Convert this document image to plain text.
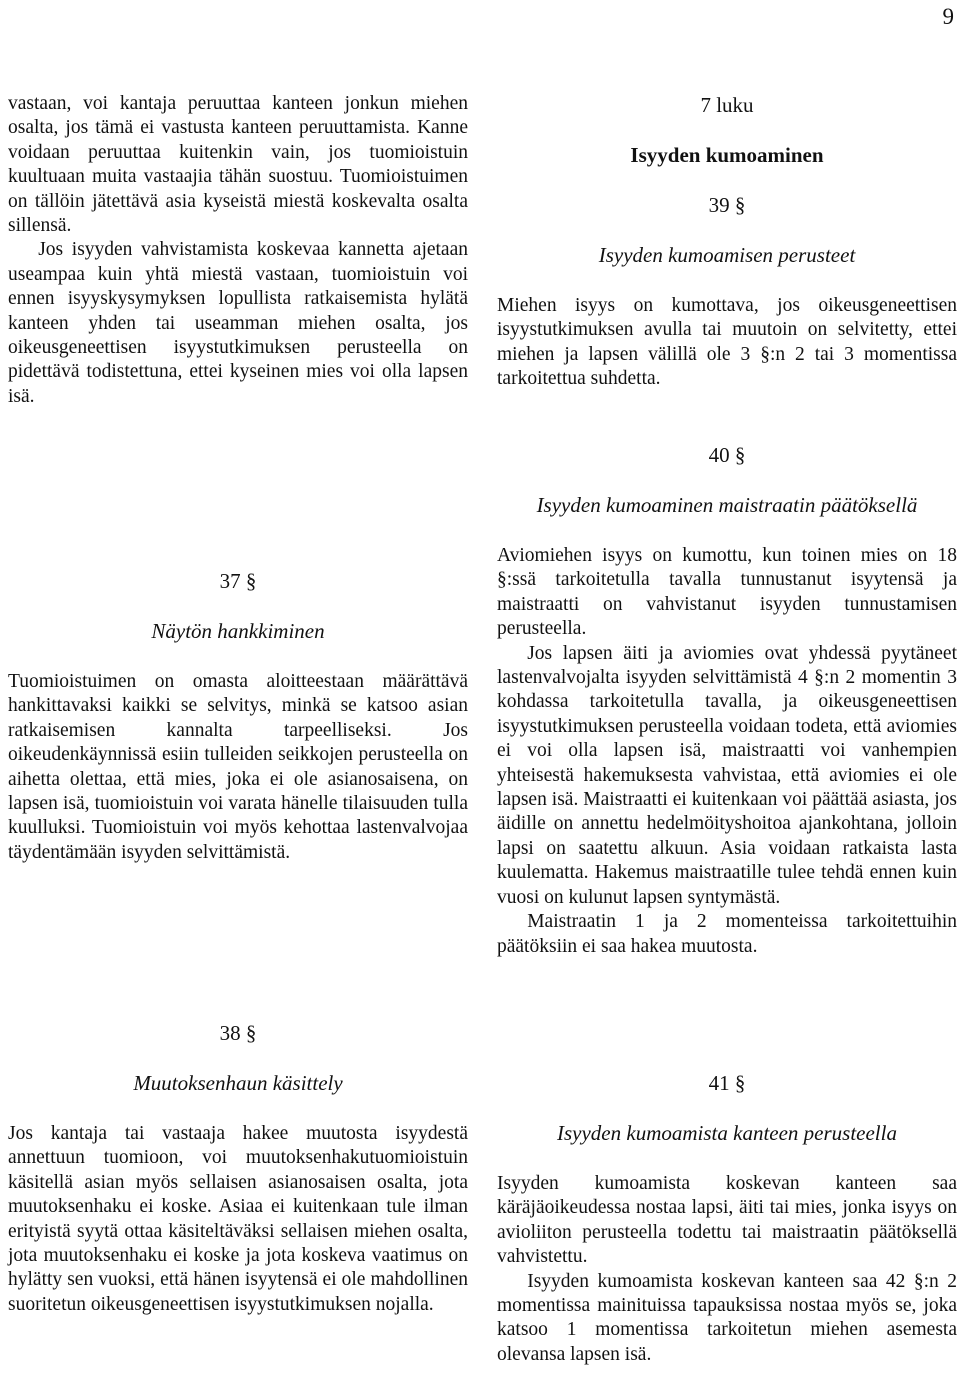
9

vastaan, voi kantaja peruuttaa kanteen jonkun miehen osalta, jos tämä ei vastusta kanteen peruuttamista. Kanne voidaan peruuttaa kuitenkin vain, jos tuomioistuin kuultuaan muita vastaajia tähän suostuu. Tuomioistuimen on tällöin jätettävä asia kyseistä miestä koskevalta osalta sillensä.

Jos isyyden vahvistamista koskevaa kannetta ajetaan useampaa kuin yhtä miestä vastaan, tuomioistuin voi ennen isyyskysymyksen lopullista ratkaisemista hylätä kanteen yhden tai useamman miehen osalta, jos oikeusgeneettisen isyystutkimuksen perusteella on pidettävä todistettuna, ettei kyseinen mies voi olla lapsen isä.

37 §
Näytön hankkiminen

Tuomioistuimen on omasta aloitteestaan määrättävä hankittavaksi kaikki se selvitys, minkä se katsoo asian ratkaisemisen kannalta tarpeelliseksi. Jos oikeudenkäynnissä esiin tulleiden seikkojen perusteella on aihetta olettaa, että mies, joka ei ole asianosaisena, on lapsen isä, tuomioistuin voi varata hänelle tilaisuuden tulla kuulluksi. Tuomioistuin voi myös kehottaa lastenvalvojaa täydentämään isyyden selvittämistä.

38 §
Muutoksenhaun käsittely

Jos kantaja tai vastaaja hakee muutosta isyydestä annettuun tuomioon, voi muutoksenhakutuomioistuin käsitellä asian myös sellaisen asianosaisen osalta, jota muutoksenhaku ei koske. Asiaa ei kuitenkaan tule ilman erityistä syytä ottaa käsiteltäväksi sellaisen miehen osalta, jota muutoksenhaku ei koske ja jota koskeva vaatimus on hylätty sen vuoksi, että hänen isyytensä ei ole mahdollinen suoritetun oikeusgeneettisen isyystutkimuksen nojalla.

7 luku
Isyyden kumoaminen
39 §
Isyyden kumoamisen perusteet

Miehen isyys on kumottava, jos oikeusgeneettisen isyystutkimuksen avulla tai muutoin on selvitetty, ettei miehen ja lapsen välillä ole 3 §:n 2 tai 3 momentissa tarkoitettua suhdetta.

40 §
Isyyden kumoaminen maistraatin päätöksellä

Aviomiehen isyys on kumottu, kun toinen mies on 18 §:ssä tarkoitetulla tavalla tunnustanut isyytensä ja maistraatti on vahvistanut isyyden tunnustamisen perusteella.

Jos lapsen äiti ja aviomies ovat yhdessä pyytäneet lastenvalvojalta isyyden selvittämistä 4 §:n 2 momentin 3 kohdassa tarkoitetulla tavalla, ja oikeusgeneettisen isyystutkimuksen perusteella voidaan todeta, että aviomies ei voi olla lapsen isä, maistraatti voi vanhempien yhteisestä hakemuksesta vahvistaa, että aviomies ei ole lapsen isä. Maistraatti ei kuitenkaan voi päättää asiasta, jos äidille on annettu hedelmöityshoitoa ajankohtana, jolloin lapsi on saatettu alkuun. Asia voidaan ratkaista lasta kuulematta. Hakemus maistraatille tulee tehdä ennen kuin vuosi on kulunut lapsen syntymästä.

Maistraatin 1 ja 2 momenteissa tarkoitettuihin päätöksiin ei saa hakea muutosta.

41 §
Isyyden kumoamista kanteen perusteella

Isyyden kumoamista koskevan kanteen saa käräjäoikeudessa nostaa lapsi, äiti tai mies, jonka isyys on avioliiton perusteella todettu tai maistraatin päätöksellä vahvistettu.

Isyyden kumoamista koskevan kanteen saa 42 §:n 2 momentissa mainituissa tapauksissa nostaa myös se, joka katsoo 1 momentissa tarkoitetun miehen asemesta olevansa lapsen isä.
